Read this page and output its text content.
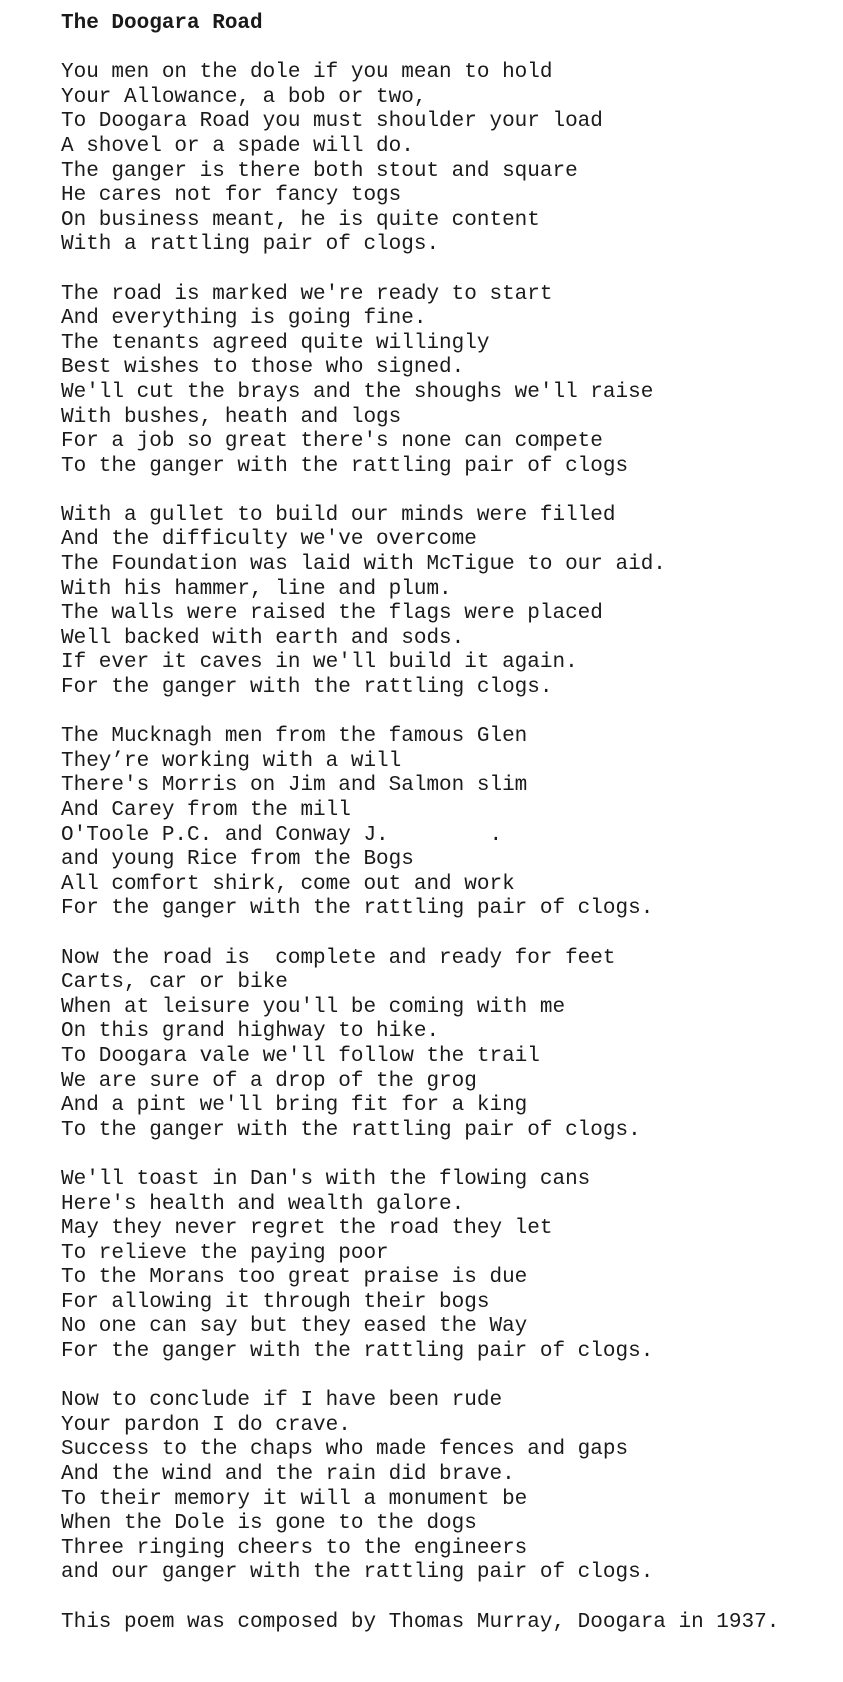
The Doogara Road
You men on the dole if you mean to hold
Your Allowance, a bob or two,
To Doogara Road you must shoulder your load
A shovel or a spade will do.
The ganger is there both stout and square
He cares not for fancy togs
On business meant, he is quite content
With a rattling pair of clogs.
The road is marked we're ready to start
And everything is going fine.
The tenants agreed quite willingly
Best wishes to those who signed.
We'll cut the brays and the shoughs we'll raise
With bushes, heath and logs
For a job so great there's none can compete
To the ganger with the rattling pair of clogs
With a gullet to build our minds were filled
And the difficulty we've overcome
The Foundation was laid with McTigue to our aid.
With his hammer, line and plum.
The walls were raised the flags were placed
Well backed with earth and sods.
If ever it caves in we'll build it again.
For the ganger with the rattling clogs.
The Mucknagh men from the famous Glen
They’re working with a will
There's Morris on Jim and Salmon slim
And Carey from the mill
O'Toole P.C. and Conway J.        .
and young Rice from the Bogs
All comfort shirk, come out and work
For the ganger with the rattling pair of clogs.
Now the road is  complete and ready for feet
Carts, car or bike
When at leisure you'll be coming with me
On this grand highway to hike.
To Doogara vale we'll follow the trail
We are sure of a drop of the grog
And a pint we'll bring fit for a king
To the ganger with the rattling pair of clogs.
We'll toast in Dan's with the flowing cans
Here's health and wealth galore.
May they never regret the road they let
To relieve the paying poor
To the Morans too great praise is due
For allowing it through their bogs
No one can say but they eased the Way
For the ganger with the rattling pair of clogs.
Now to conclude if I have been rude
Your pardon I do crave.
Success to the chaps who made fences and gaps
And the wind and the rain did brave.
To their memory it will a monument be
When the Dole is gone to the dogs
Three ringing cheers to the engineers
and our ganger with the rattling pair of clogs.
This poem was composed by Thomas Murray, Doogara in 1937.
